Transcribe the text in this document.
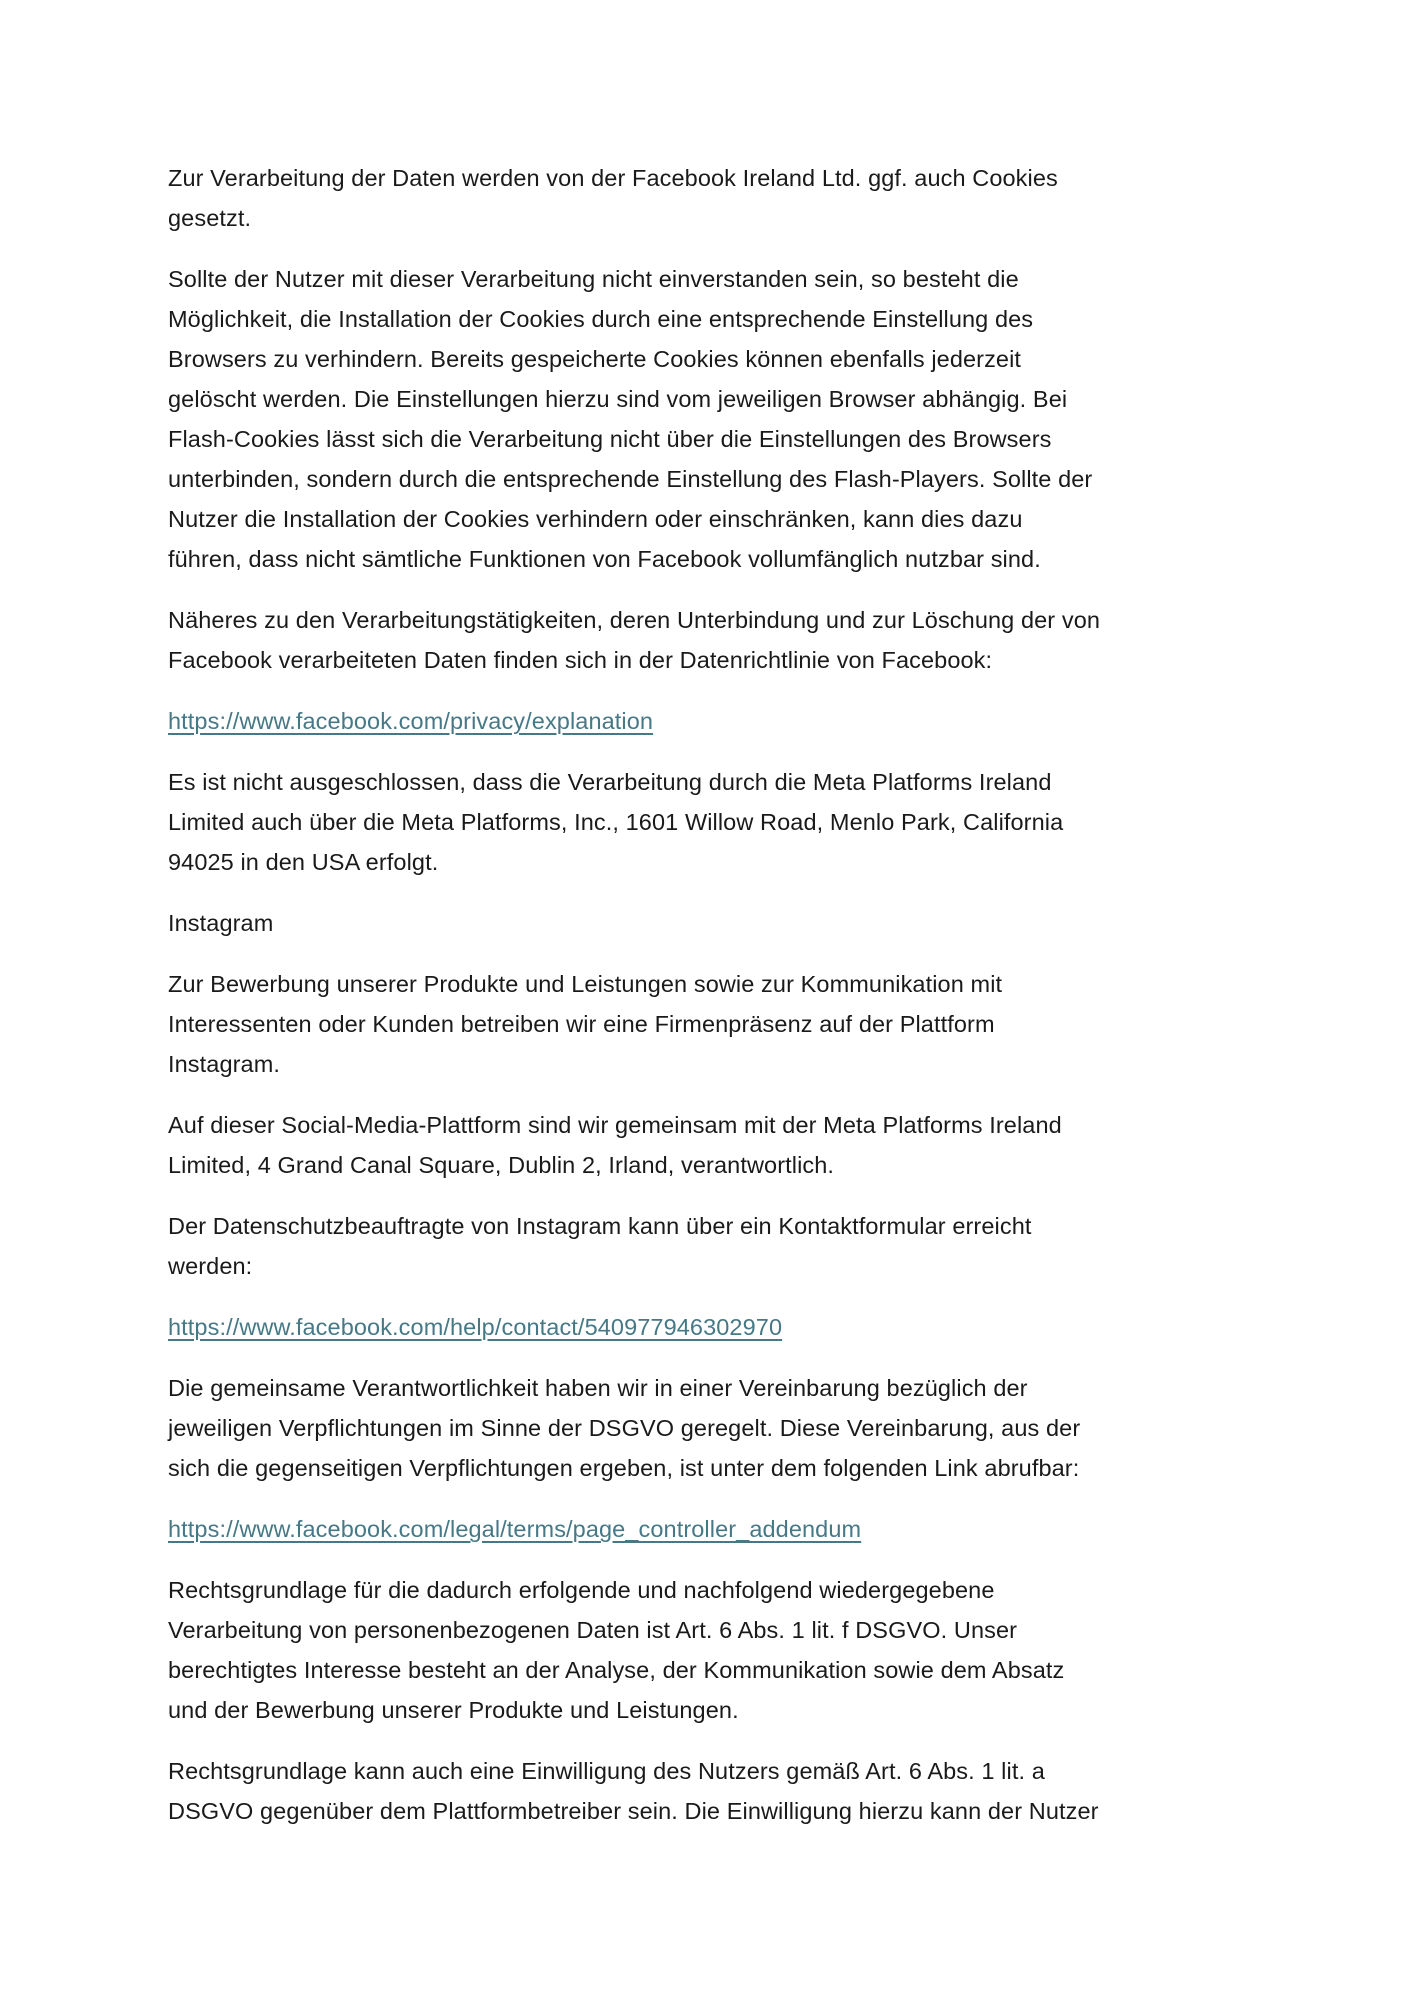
Zur Verarbeitung der Daten werden von der Facebook Ireland Ltd. ggf. auch Cookies
gesetzt.
Sollte der Nutzer mit dieser Verarbeitung nicht einverstanden sein, so besteht die
Möglichkeit, die Installation der Cookies durch eine entsprechende Einstellung des
Browsers zu verhindern. Bereits gespeicherte Cookies können ebenfalls jederzeit
gelöscht werden. Die Einstellungen hierzu sind vom jeweiligen Browser abhängig. Bei
Flash-Cookies lässt sich die Verarbeitung nicht über die Einstellungen des Browsers
unterbinden, sondern durch die entsprechende Einstellung des Flash-Players. Sollte der
Nutzer die Installation der Cookies verhindern oder einschränken, kann dies dazu
führen, dass nicht sämtliche Funktionen von Facebook vollumfänglich nutzbar sind.
Näheres zu den Verarbeitungstätigkeiten, deren Unterbindung und zur Löschung der von
Facebook verarbeiteten Daten finden sich in der Datenrichtlinie von Facebook:
https://www.facebook.com/privacy/explanation
Es ist nicht ausgeschlossen, dass die Verarbeitung durch die Meta Platforms Ireland
Limited auch über die Meta Platforms, Inc., 1601 Willow Road, Menlo Park, California
94025 in den USA erfolgt.
Instagram
Zur Bewerbung unserer Produkte und Leistungen sowie zur Kommunikation mit
Interessenten oder Kunden betreiben wir eine Firmenpräsenz auf der Plattform
Instagram.
Auf dieser Social-Media-Plattform sind wir gemeinsam mit der Meta Platforms Ireland
Limited, 4 Grand Canal Square, Dublin 2, Irland, verantwortlich.
Der Datenschutzbeauftragte von Instagram kann über ein Kontaktformular erreicht
werden:
https://www.facebook.com/help/contact/540977946302970
Die gemeinsame Verantwortlichkeit haben wir in einer Vereinbarung bezüglich der
jeweiligen Verpflichtungen im Sinne der DSGVO geregelt. Diese Vereinbarung, aus der
sich die gegenseitigen Verpflichtungen ergeben, ist unter dem folgenden Link abrufbar:
https://www.facebook.com/legal/terms/page_controller_addendum
Rechtsgrundlage für die dadurch erfolgende und nachfolgend wiedergegebene
Verarbeitung von personenbezogenen Daten ist Art. 6 Abs. 1 lit. f DSGVO. Unser
berechtigtes Interesse besteht an der Analyse, der Kommunikation sowie dem Absatz
und der Bewerbung unserer Produkte und Leistungen.
Rechtsgrundlage kann auch eine Einwilligung des Nutzers gemäß Art. 6 Abs. 1 lit. a
DSGVO gegenüber dem Plattformbetreiber sein. Die Einwilligung hierzu kann der Nutzer
